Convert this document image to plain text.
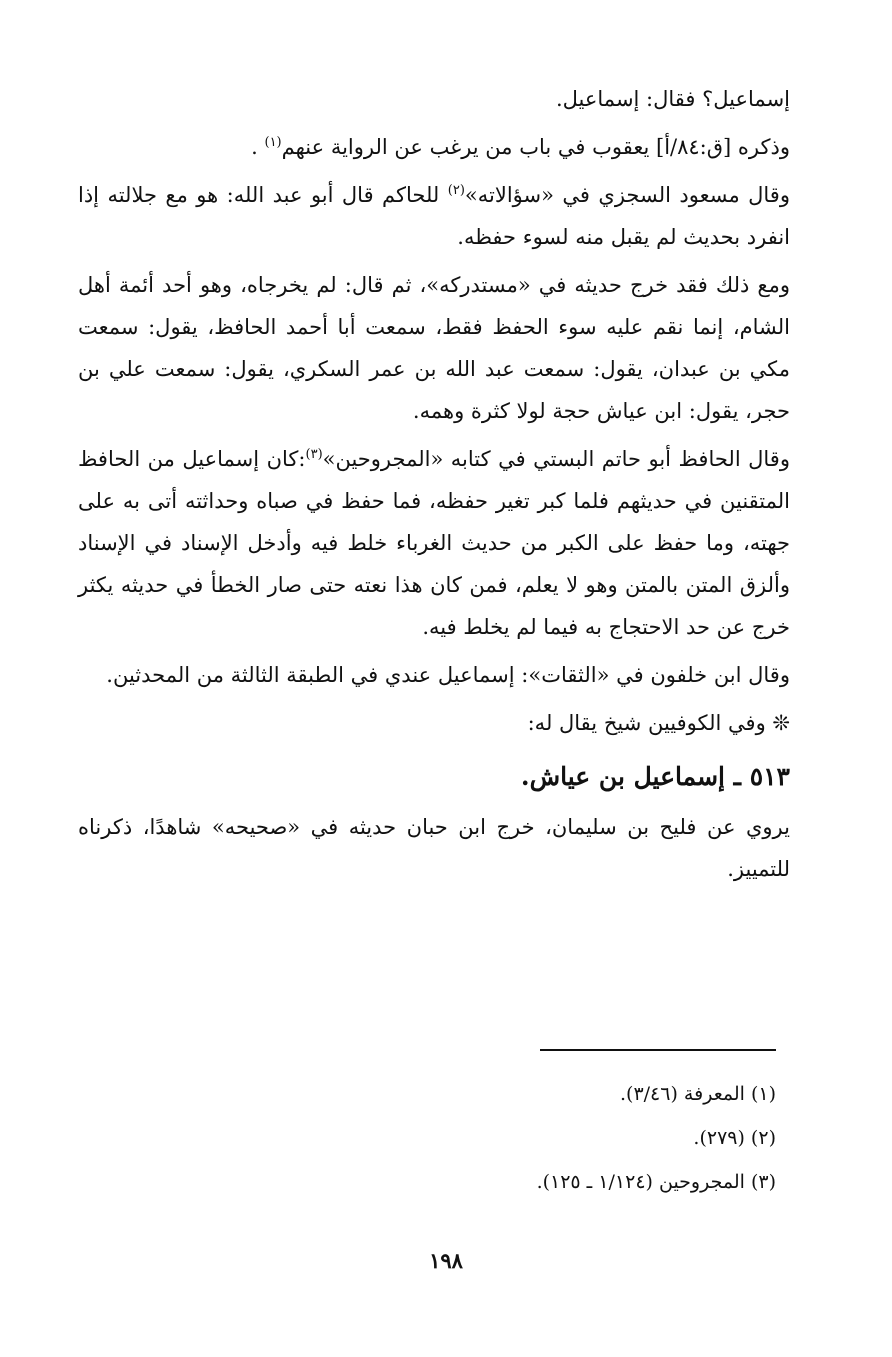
إسماعيل؟ فقال: إسماعيل.

وذكره [ق:٨٤/أ] يعقوب في باب من يرغب عن الرواية عنهم$^{(١)}$ .

وقال مسعود السجزي في «سؤالاته»$^{(٢)}$ للحاكم قال أبو عبد الله: هو مع جلالته إذا انفرد بحديث لم يقبل منه لسوء حفظه.

ومع ذلك فقد خرج حديثه في «مستدركه»، ثم قال: لم يخرجاه، وهو أحد أئمة أهل الشام، إنما نقم عليه سوء الحفظ فقط، سمعت أبا أحمد الحافظ، يقول: سمعت مكي بن عبدان، يقول: سمعت عبد الله بن عمر السكري، يقول: سمعت علي بن حجر، يقول: ابن عياش حجة لولا كثرة وهمه.

وقال الحافظ أبو حاتم البستي في كتابه «المجروحين»$^{(٣)}$:كان إسماعيل من الحافظ المتقنين في حديثهم فلما كبر تغير حفظه، فما حفظ في صباه وحداثته أتى به على جهته، وما حفظ على الكبر من حديث الغرباء خلط فيه وأدخل الإسناد في الإسناد وألزق المتن بالمتن وهو لا يعلم، فمن كان هذا نعته حتى صار الخطأ في حديثه يكثر خرج عن حد الاحتجاج به فيما لم يخلط فيه.

وقال ابن خلفون في «الثقات»: إسماعيل عندي في الطبقة الثالثة من المحدثين.

❊ وفي الكوفيين شيخ يقال له:

٥١٣ ـ إسماعيل بن عياش.

يروي عن فليح بن سليمان، خرج ابن حبان حديثه في «صحيحه» شاهدًا، ذكرناه للتمييز.

(١) المعرفة (٣/٤٦).
(٢) (٢٧٩).
(٣) المجروحين (١/١٢٤ ـ ١٢٥).
١٩٨
